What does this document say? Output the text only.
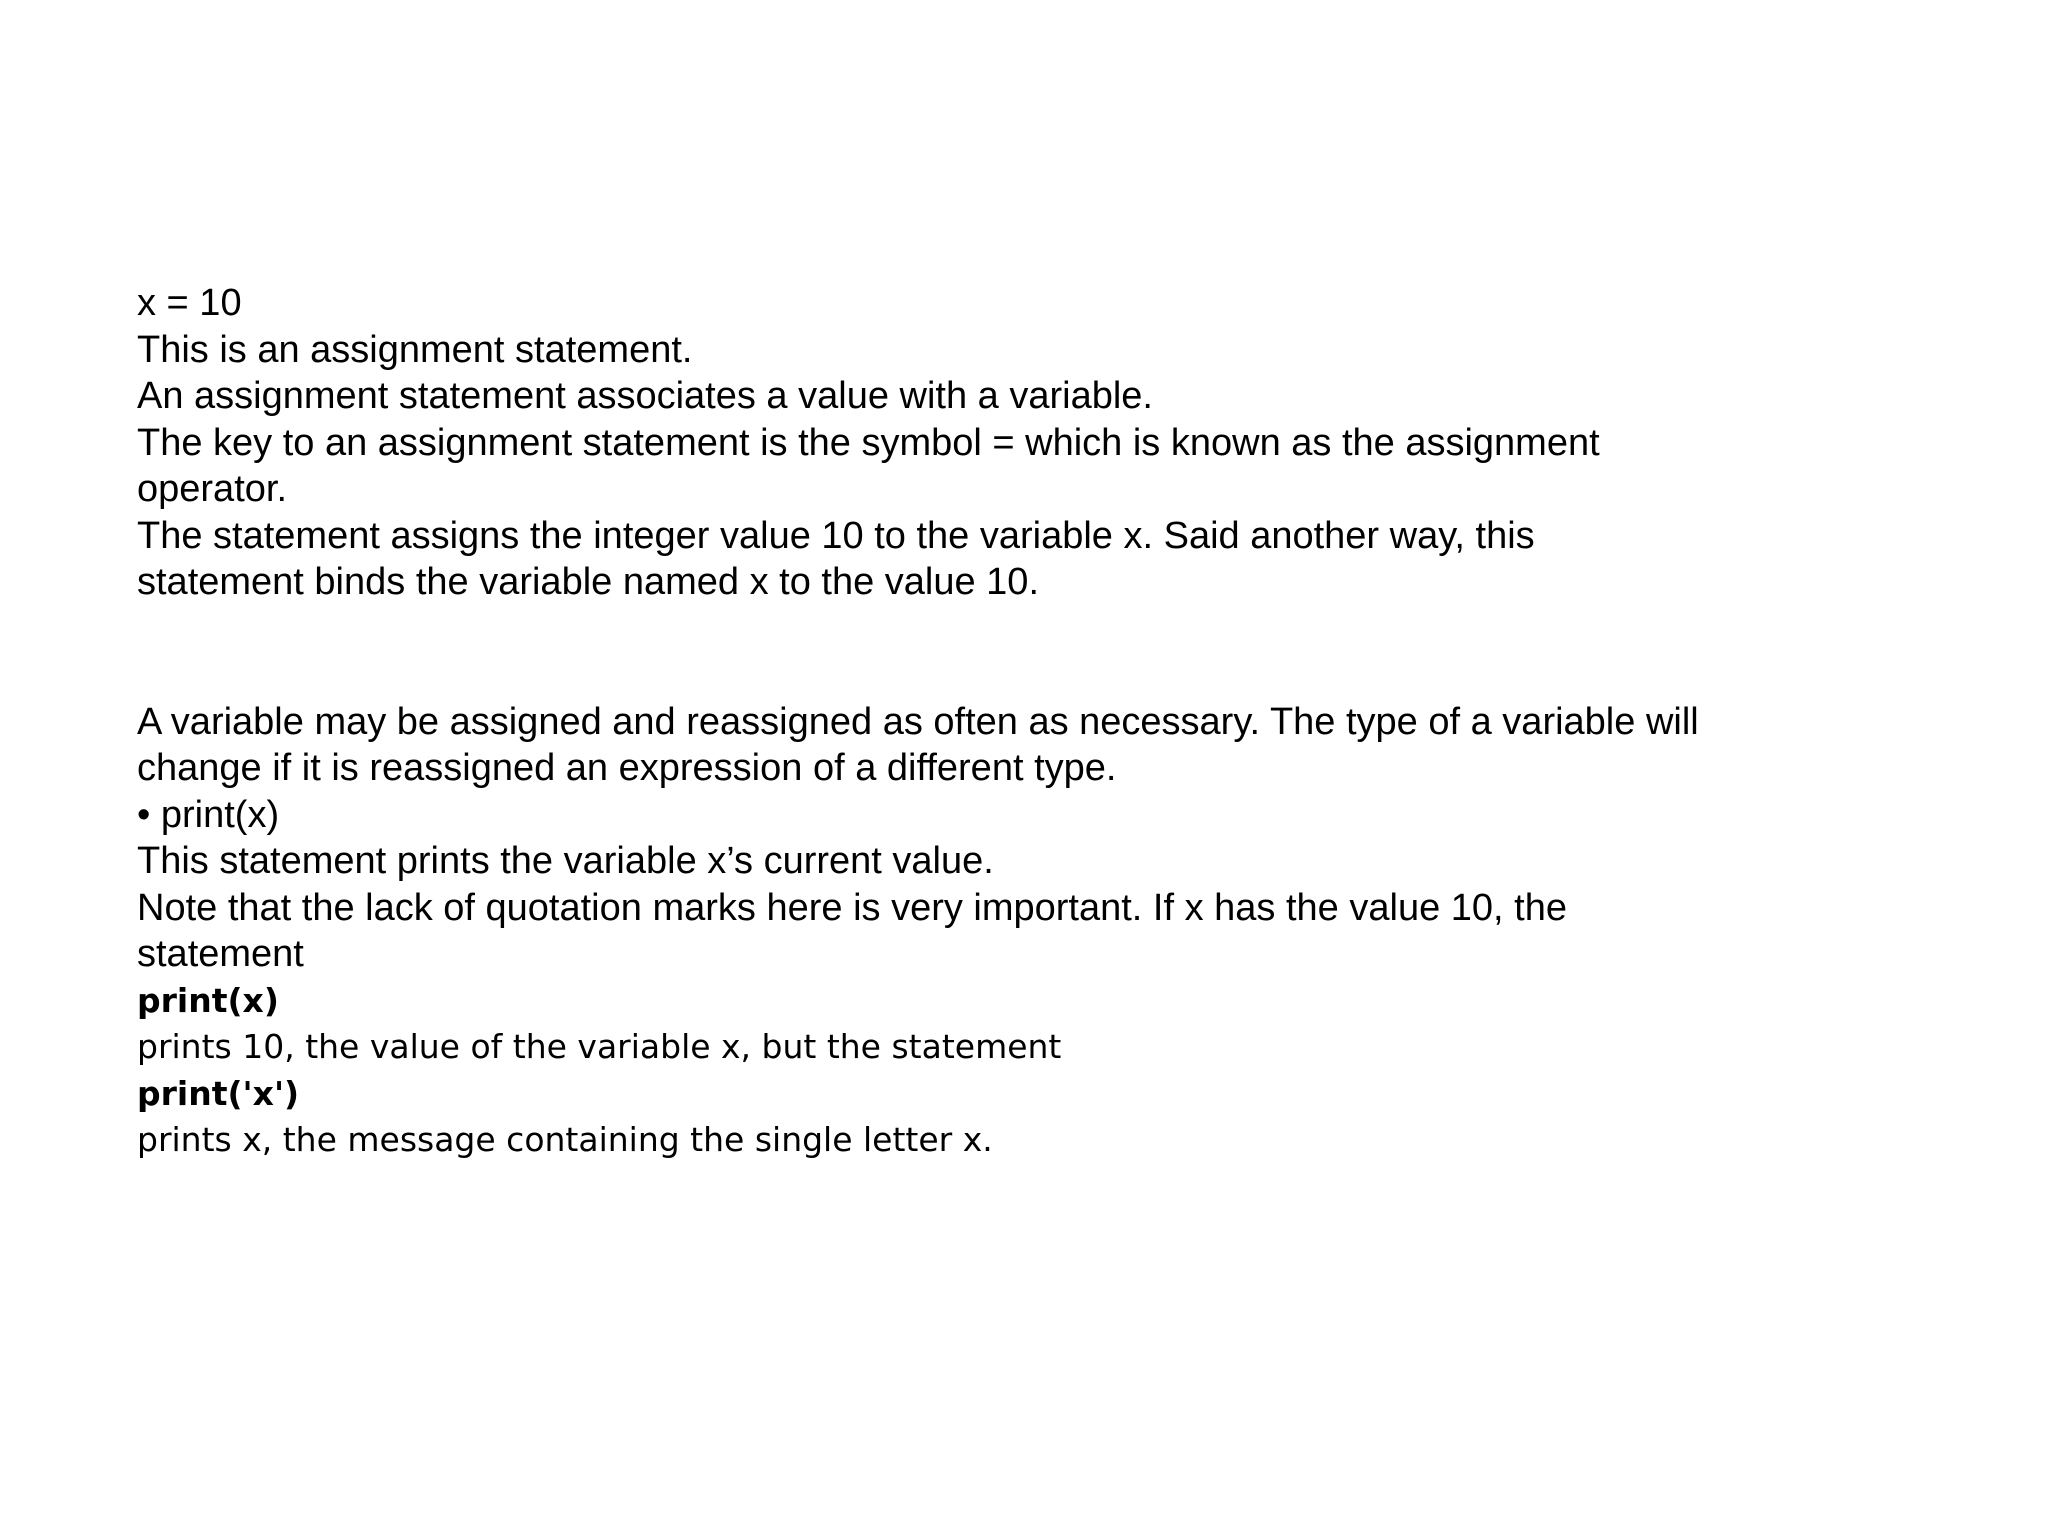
x = 10
This is an assignment statement.
An assignment statement associates a value with a variable.
The key to an assignment statement is the symbol = which is known as the assignment
operator.
The statement assigns the integer value 10 to the variable x. Said another way, this
statement binds the variable named x to the value 10.
A variable may be assigned and reassigned as often as necessary. The type of a variable will
change if it is reassigned an expression of a different type.
• print(x)
This statement prints the variable x’s current value.
Note that the lack of quotation marks here is very important. If x has the value 10, the
statement
print(x)
prints 10, the value of the variable x, but the statement
print('x')
prints x, the message containing the single letter x.
